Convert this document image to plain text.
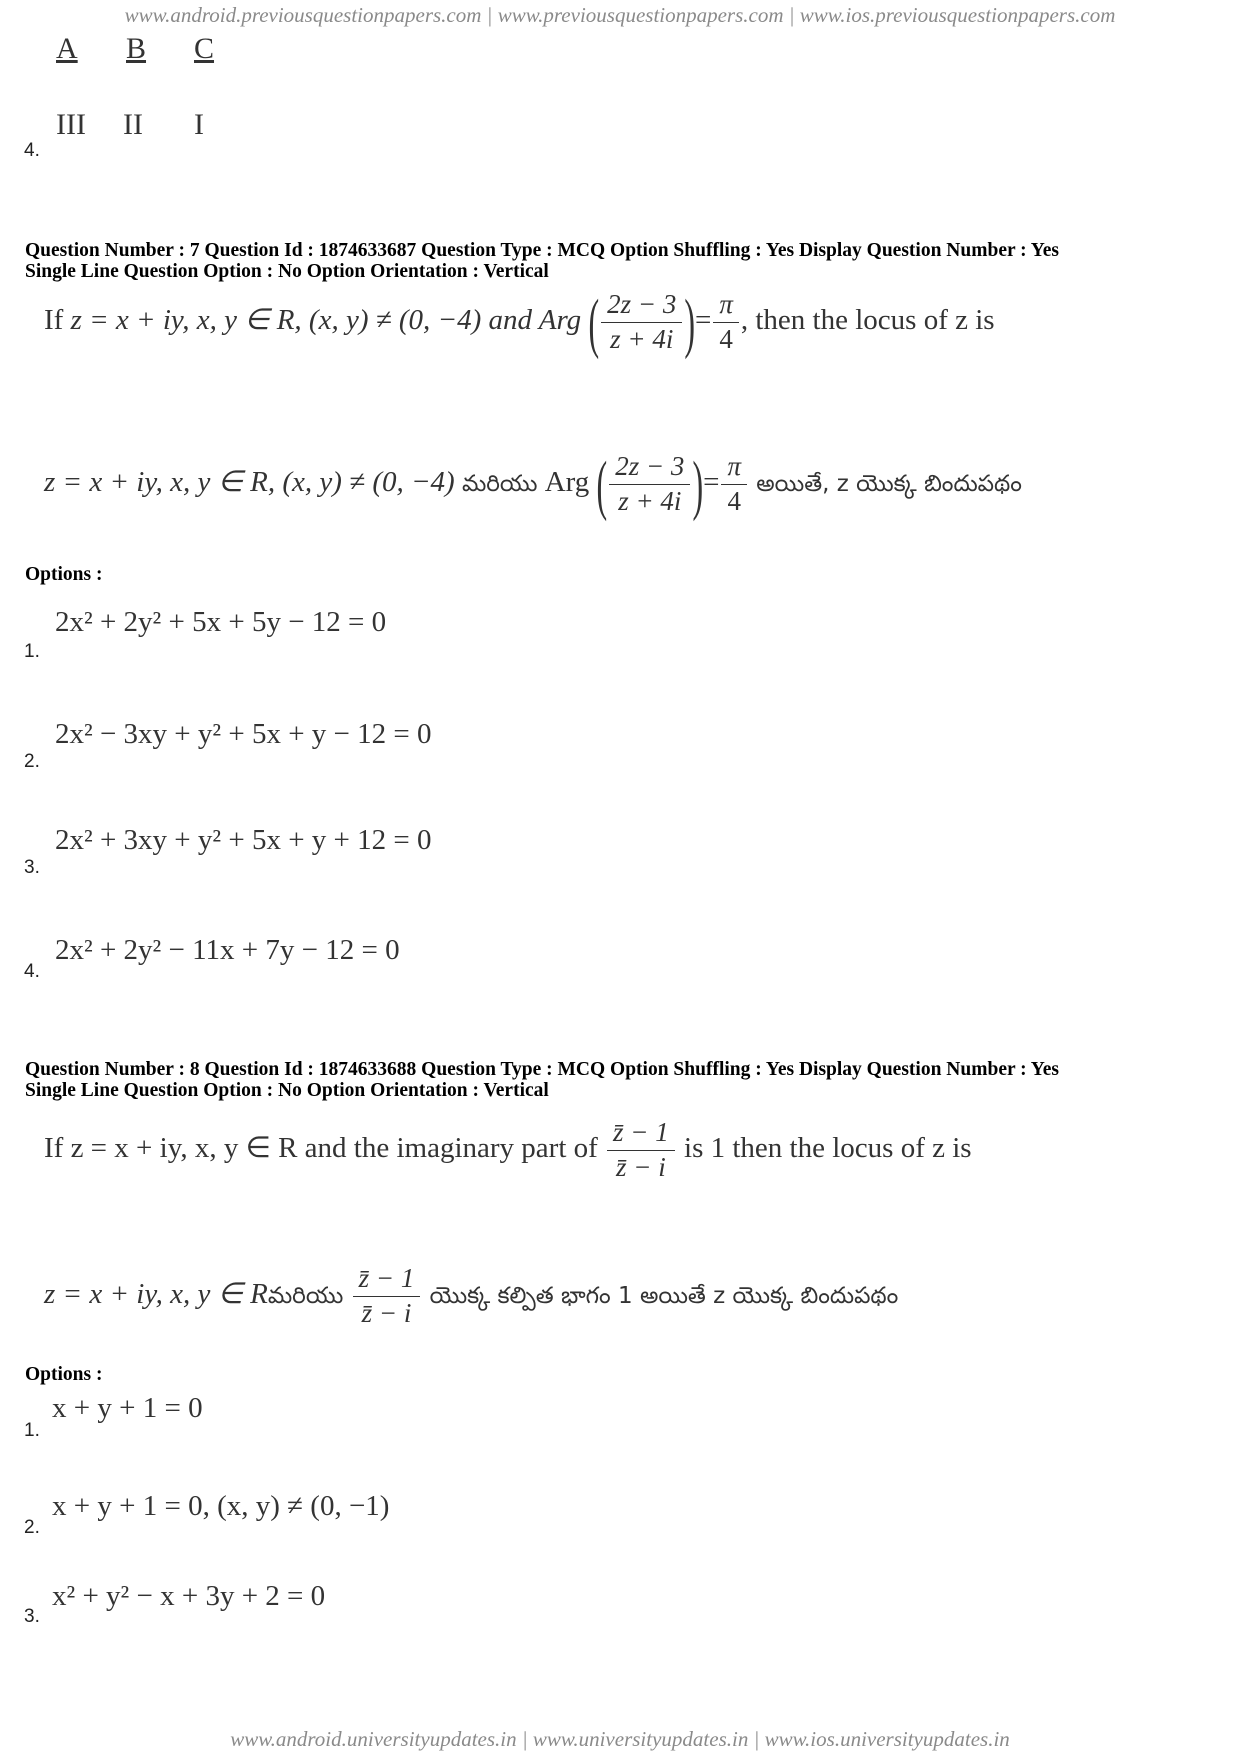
www.android.previousquestionpapers.com | www.previousquestionpapers.com | www.ios.previousquestionpapers.com
A B C
III II I
4.
Question Number : 7 Question Id : 1874633687 Question Type : MCQ Option Shuffling : Yes Display Question Number : Yes
Single Line Question Option : No Option Orientation : Vertical
If z = x + iy, x, y ∈ R, (x, y) ≠ (0, −4) and Arg ( $\frac{2z - 3}{z + 4i}$ )= $\frac{\pi}{4}$ , then the locus of z is
z = x + iy, x, y ∈ R, (x, y) ≠ (0, −4) మరియు Arg ( $\frac{2z - 3}{z + 4i}$ )= $\frac{\pi}{4}$ అయితే, z యొక్క బిందుపథం
Options :
1.
2x² + 2y² + 5x + 5y − 12 = 0
2.
2x² − 3xy + y² + 5x + y − 12 = 0
3.
2x² + 3xy + y² + 5x + y + 12 = 0
4.
2x² + 2y² − 11x + 7y − 12 = 0
Question Number : 8 Question Id : 1874633688 Question Type : MCQ Option Shuffling : Yes Display Question Number : Yes
Single Line Question Option : No Option Orientation : Vertical
If z = x + iy, x, y ∈ R and the imaginary part of $\frac{z̄ - 1}{z̄ - i}$ is 1 then the locus of z is
z = x + iy, x, y ∈ Rమరియు $\frac{z̄ - 1}{z̄ - i}$ యొక్క కల్పిత భాగం 1 అయితే z యొక్క బిందుపథం
Options :
1.
x + y + 1 = 0
2.
x + y + 1 = 0, (x, y) ≠ (0, −1)
3.
x² + y² − x + 3y + 2 = 0
www.android.universityupdates.in | www.universityupdates.in | www.ios.universityupdates.in
